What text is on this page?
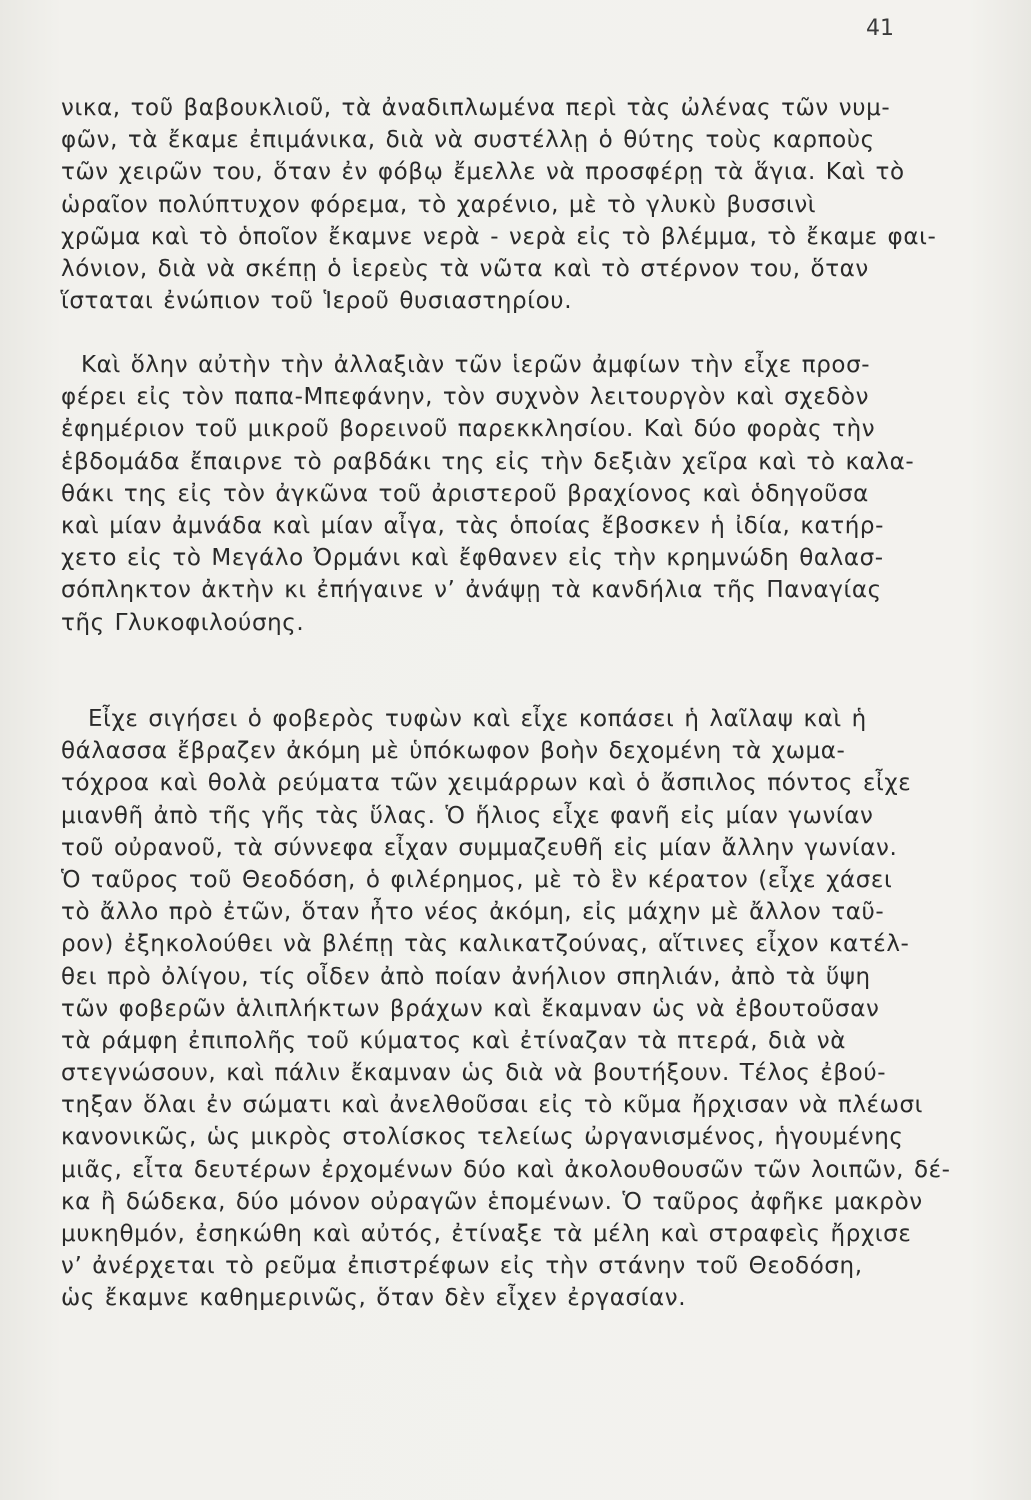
41
νικα, τοῦ βαβουκλιοῦ, τὰ ἀναδιπλωμένα περὶ τὰς ὠλένας τῶν νυμ-
φῶν, τὰ ἔκαμε ἐπιμάνικα, διὰ νὰ συστέλλῃ ὁ θύτης τοὺς καρποὺς
τῶν χειρῶν του, ὅταν ἐν φόβῳ ἔμελλε νὰ προσφέρῃ τὰ ἅγια. Καὶ τὸ
ὡραῖον πολύπτυχον φόρεμα, τὸ χαρένιο, μὲ τὸ γλυκὺ βυσσινὶ
χρῶμα καὶ τὸ ὁποῖον ἔκαμνε νερὰ - νερὰ εἰς τὸ βλέμμα, τὸ ἔκαμε φαι-
λόνιον, διὰ νὰ σκέπῃ ὁ ἱερεὺς τὰ νῶτα καὶ τὸ στέρνον του, ὅταν
ἵσταται ἐνώπιον τοῦ Ἱεροῦ θυσιαστηρίου.
Καὶ ὅλην αὐτὴν τὴν ἀλλαξιὰν τῶν ἱερῶν ἀμφίων τὴν εἶχε προσ-
φέρει εἰς τὸν παπα-Μπεφάνην, τὸν συχνὸν λειτουργὸν καὶ σχεδὸν
ἐφημέριον τοῦ μικροῦ βορεινοῦ παρεκκλησίου. Καὶ δύο φορὰς τὴν
ἑβδομάδα ἔπαιρνε τὸ ραβδάκι της εἰς τὴν δεξιὰν χεῖρα καὶ τὸ καλα-
θάκι της εἰς τὸν ἀγκῶνα τοῦ ἀριστεροῦ βραχίονος καὶ ὁδηγοῦσα
καὶ μίαν ἀμνάδα καὶ μίαν αἶγα, τὰς ὁποίας ἔβοσκεν ἡ ἰδία, κατήρ-
χετο εἰς τὸ Μεγάλο Ὀρμάνι καὶ ἔφθανεν εἰς τὴν κρημνώδη θαλασ-
σόπληκτον ἀκτὴν κι ἐπήγαινε ν’ ἀνάψῃ τὰ κανδήλια τῆς Παναγίας
τῆς Γλυκοφιλούσης.
Εἶχε σιγήσει ὁ φοβερὸς τυφὼν καὶ εἶχε κοπάσει ἡ λαῖλαψ καὶ ἡ
θάλασσα ἔβραζεν ἀκόμη μὲ ὑπόκωφον βοὴν δεχομένη τὰ χωμα-
τόχροα καὶ θολὰ ρεύματα τῶν χειμάρρων καὶ ὁ ἄσπιλος πόντος εἶχε
μιανθῆ ἀπὸ τῆς γῆς τὰς ὕλας. Ὁ ἥλιος εἶχε φανῆ εἰς μίαν γωνίαν
τοῦ οὐρανοῦ, τὰ σύννεφα εἶχαν συμμαζευθῆ εἰς μίαν ἄλλην γωνίαν.
Ὁ ταῦρος τοῦ Θεοδόση, ὁ φιλέρημος, μὲ τὸ ἓν κέρατον (εἶχε χάσει
τὸ ἄλλο πρὸ ἐτῶν, ὅταν ἦτο νέος ἀκόμη, εἰς μάχην μὲ ἄλλον ταῦ-
ρον) ἐξηκολούθει νὰ βλέπῃ τὰς καλικατζούνας, αἵτινες εἶχον κατέλ-
θει πρὸ ὀλίγου, τίς οἶδεν ἀπὸ ποίαν ἀνήλιον σπηλιάν, ἀπὸ τὰ ὕψη
τῶν φοβερῶν ἁλιπλήκτων βράχων καὶ ἔκαμναν ὡς νὰ ἐβουτοῦσαν
τὰ ράμφη ἐπιπολῆς τοῦ κύματος καὶ ἐτίναζαν τὰ πτερά, διὰ νὰ
στεγνώσουν, καὶ πάλιν ἔκαμναν ὡς διὰ νὰ βουτήξουν. Τέλος ἐβού-
τηξαν ὅλαι ἐν σώματι καὶ ἀνελθοῦσαι εἰς τὸ κῦμα ἤρχισαν νὰ πλέωσι
κανονικῶς, ὡς μικρὸς στολίσκος τελείως ὠργανισμένος, ἡγουμένης
μιᾶς, εἶτα δευτέρων ἐρχομένων δύο καὶ ἀκολουθουσῶν τῶν λοιπῶν, δέ-
κα ἢ δώδεκα, δύο μόνον οὐραγῶν ἑπομένων. Ὁ ταῦρος ἀφῆκε μακρὸν
μυκηθμόν, ἐσηκώθη καὶ αὐτός, ἐτίναξε τὰ μέλη καὶ στραφεὶς ἤρχισε
ν’ ἀνέρχεται τὸ ρεῦμα ἐπιστρέφων εἰς τὴν στάνην τοῦ Θεοδόση,
ὡς ἔκαμνε καθημερινῶς, ὅταν δὲν εἶχεν ἐργασίαν.
